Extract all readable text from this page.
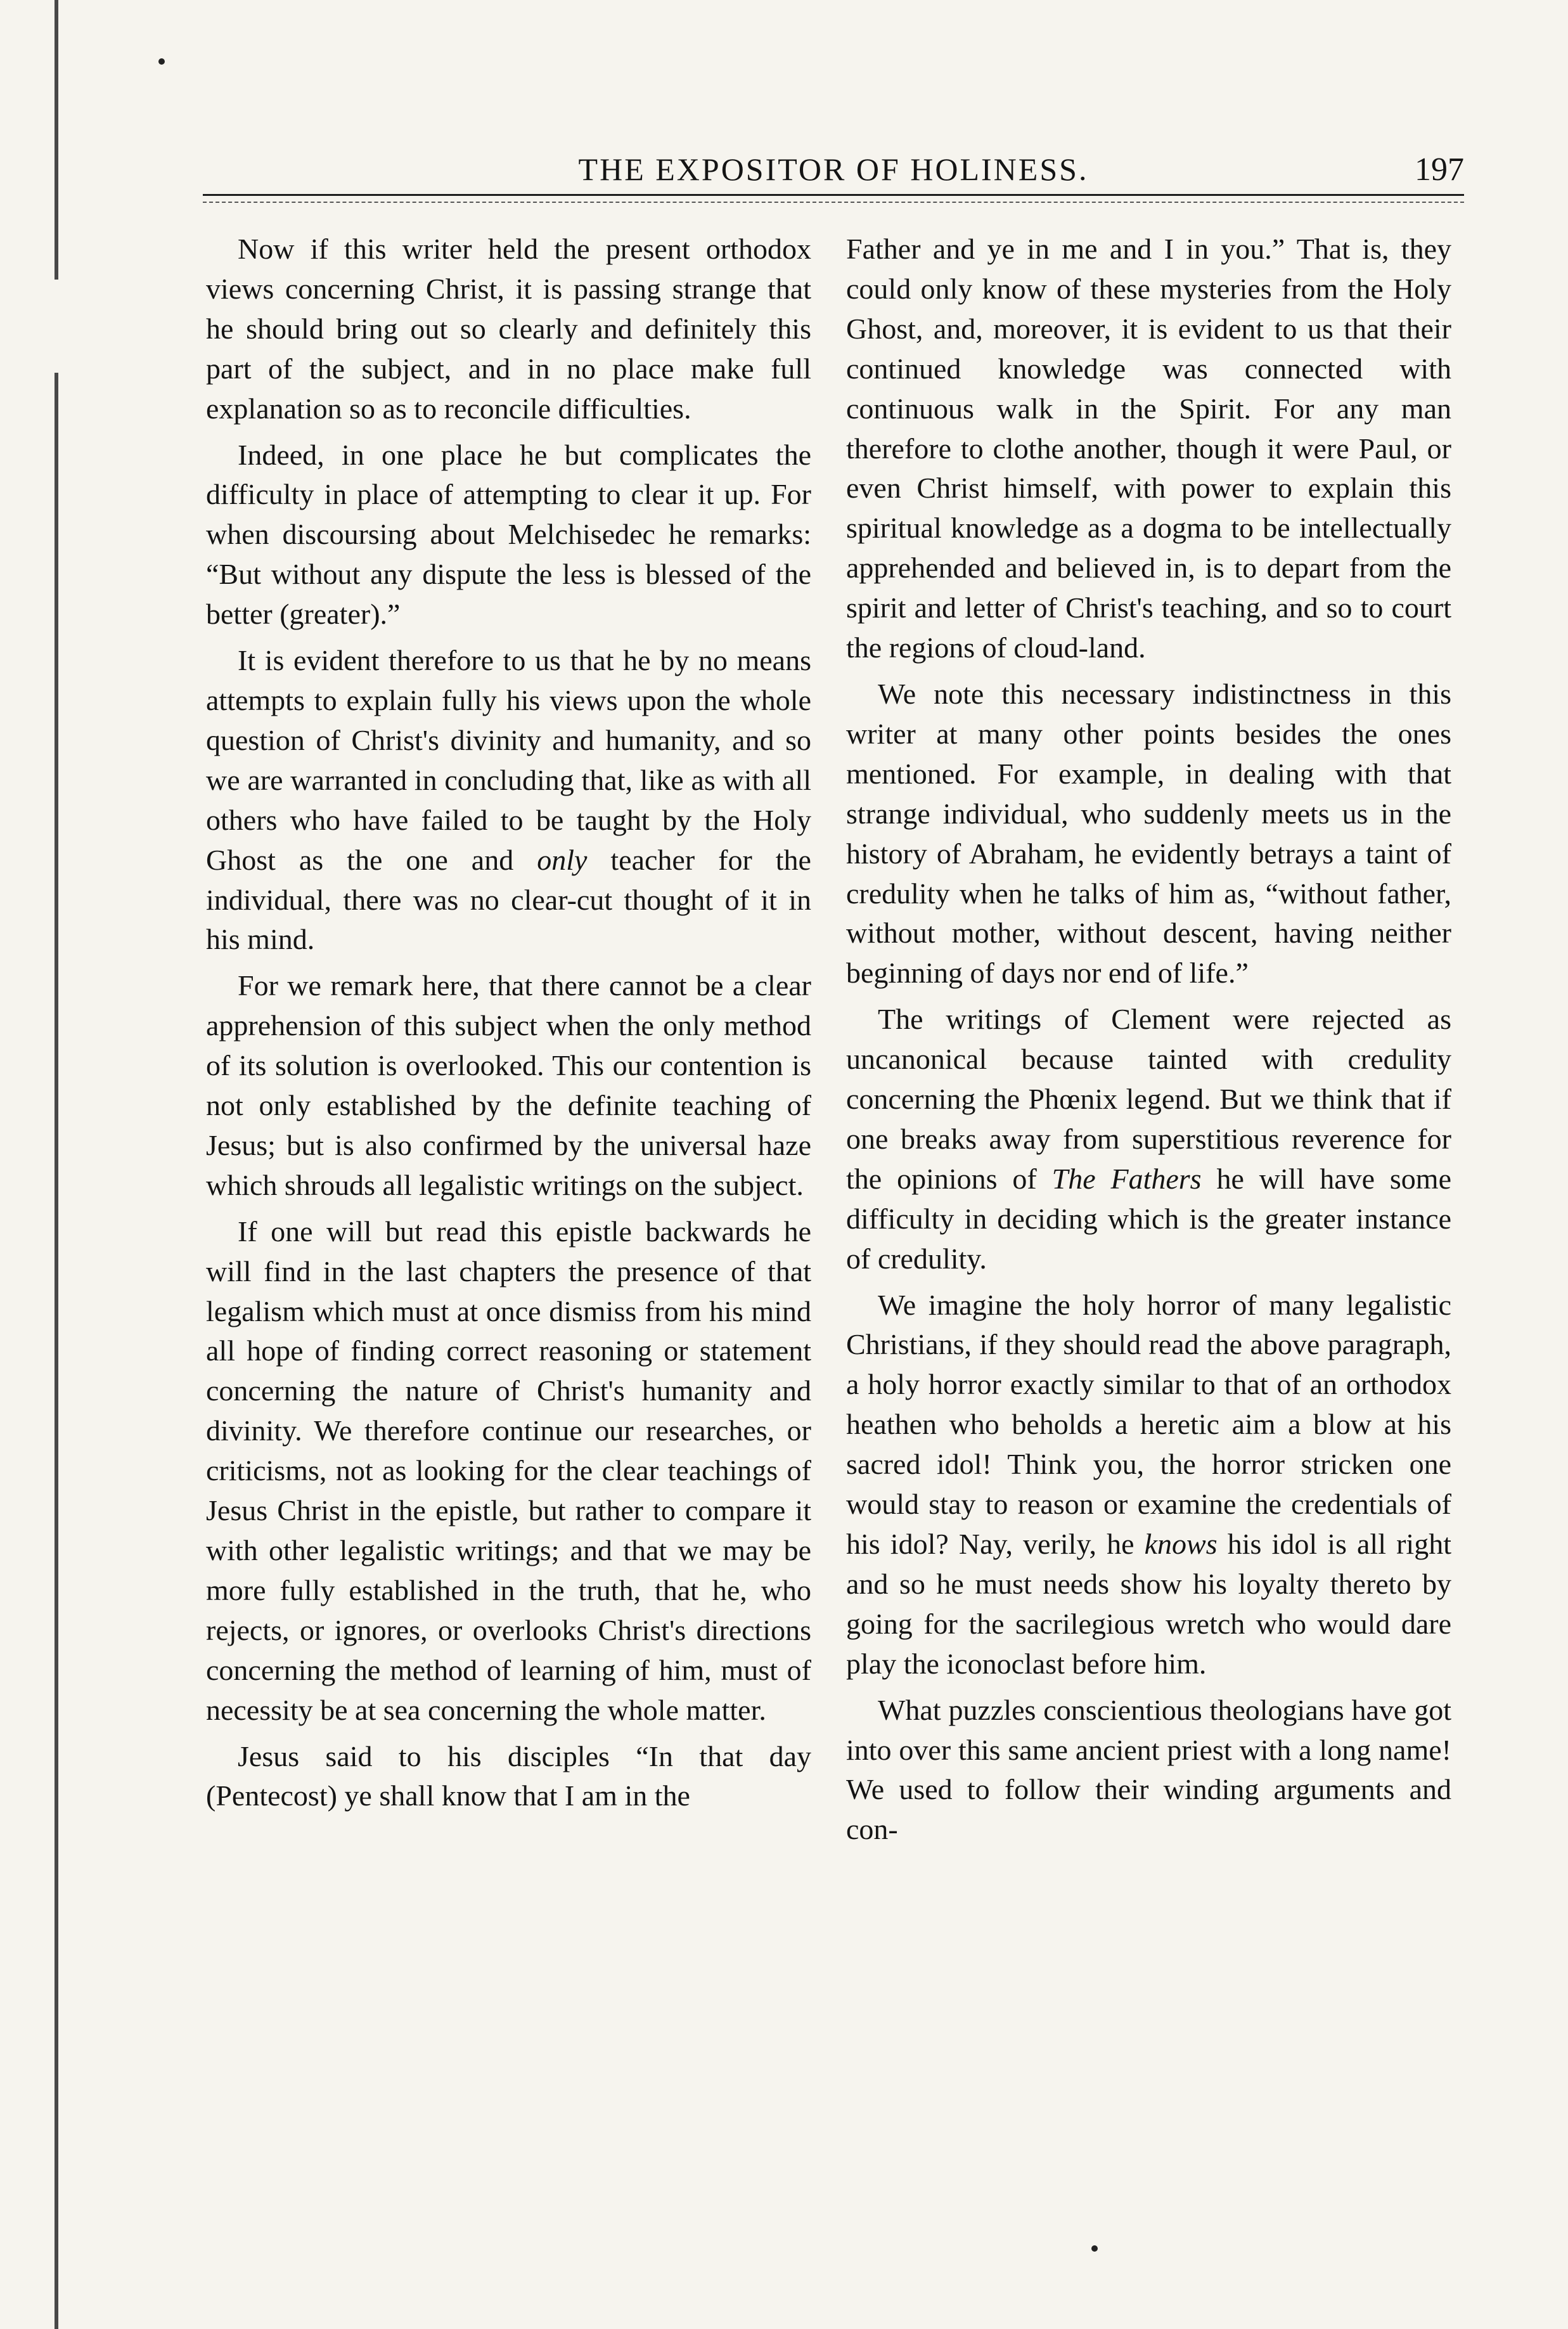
THE EXPOSITOR OF HOLINESS.	197

Now if this writer held the present orthodox views concerning Christ, it is passing strange that he should bring out so clearly and definitely this part of the subject, and in no place make full explanation so as to reconcile difficulties.

Indeed, in one place he but complicates the difficulty in place of attempting to clear it up. For when discoursing about Melchisedec he remarks: “But without any dispute the less is blessed of the better (greater).”

It is evident therefore to us that he by no means attempts to explain fully his views upon the whole question of Christ's divinity and humanity, and so we are warranted in concluding that, like as with all others who have failed to be taught by the Holy Ghost as the one and only teacher for the individual, there was no clear-cut thought of it in his mind.

For we remark here, that there cannot be a clear apprehension of this subject when the only method of its solution is overlooked. This our contention is not only established by the definite teaching of Jesus; but is also confirmed by the universal haze which shrouds all legalistic writings on the subject.

If one will but read this epistle backwards he will find in the last chapters the presence of that legalism which must at once dismiss from his mind all hope of finding correct reasoning or statement concerning the nature of Christ's humanity and divinity. We therefore continue our researches, or criticisms, not as looking for the clear teachings of Jesus Christ in the epistle, but rather to compare it with other legalistic writings; and that we may be more fully established in the truth, that he, who rejects, or ignores, or overlooks Christ's directions concerning the method of learning of him, must of necessity be at sea concerning the whole matter.

Jesus said to his disciples “In that day (Pentecost) ye shall know that I am in the

Father and ye in me and I in you.” That is, they could only know of these mysteries from the Holy Ghost, and, moreover, it is evident to us that their continued knowledge was connected with continuous walk in the Spirit. For any man therefore to clothe another, though it were Paul, or even Christ himself, with power to explain this spiritual knowledge as a dogma to be intellectually apprehended and believed in, is to depart from the spirit and letter of Christ's teaching, and so to court the regions of cloud-land.

We note this necessary indistinctness in this writer at many other points besides the ones mentioned. For example, in dealing with that strange individual, who suddenly meets us in the history of Abraham, he evidently betrays a taint of credulity when he talks of him as, “without father, without mother, without descent, having neither beginning of days nor end of life.”

The writings of Clement were rejected as uncanonical because tainted with credulity concerning the Phœnix legend. But we think that if one breaks away from superstitious reverence for the opinions of The Fathers he will have some difficulty in deciding which is the greater instance of credulity.

We imagine the holy horror of many legalistic Christians, if they should read the above paragraph, a holy horror exactly similar to that of an orthodox heathen who beholds a heretic aim a blow at his sacred idol! Think you, the horror stricken one would stay to reason or examine the credentials of his idol? Nay, verily, he knows his idol is all right and so he must needs show his loyalty thereto by going for the sacrilegious wretch who would dare play the iconoclast before him.

What puzzles conscientious theologians have got into over this same ancient priest with a long name! We used to follow their winding arguments and con-
